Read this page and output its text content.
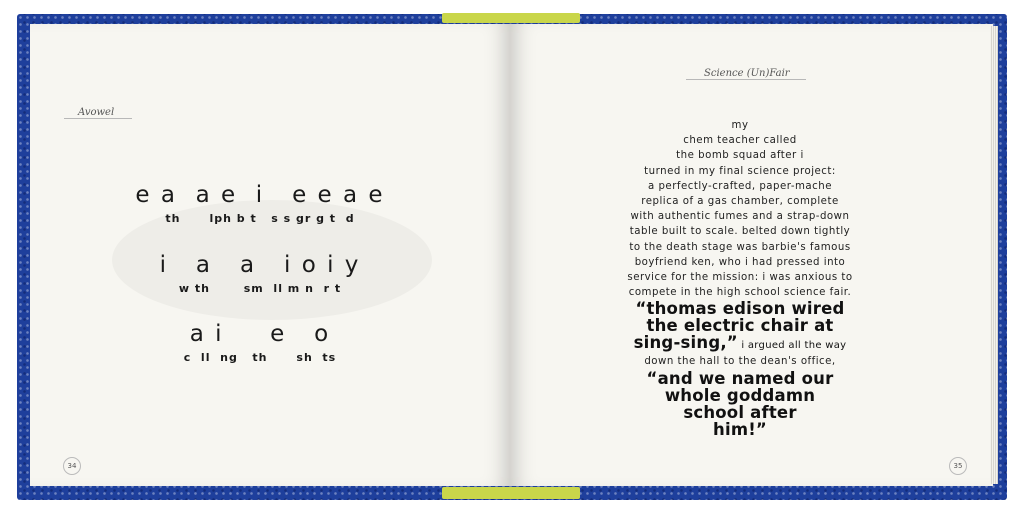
Avowel
e a  a e  i   e e a e
th      lph b t   s s gr g t  d
i   a   a   i o i y
w th       sm  ll m n  r t
a i     e   o
c  ll  ng   th      sh  ts
34
Science (Un)Fair
my
chem teacher called
the bomb squad after i
turned in my final science project:
a perfectly-crafted, paper-mache
replica of a gas chamber, complete
with authentic fumes and a strap-down
table built to scale. belted down tightly
to the death stage was barbie's famous
boyfriend ken, who i had pressed into
service for the mission: i was anxious to
compete in the high school science fair.
“thomas edison wired
the electric chair at
sing-sing,” i argued all the way
down the hall to the dean's office,
“and we named our
whole goddamn
school after
him!”
35
